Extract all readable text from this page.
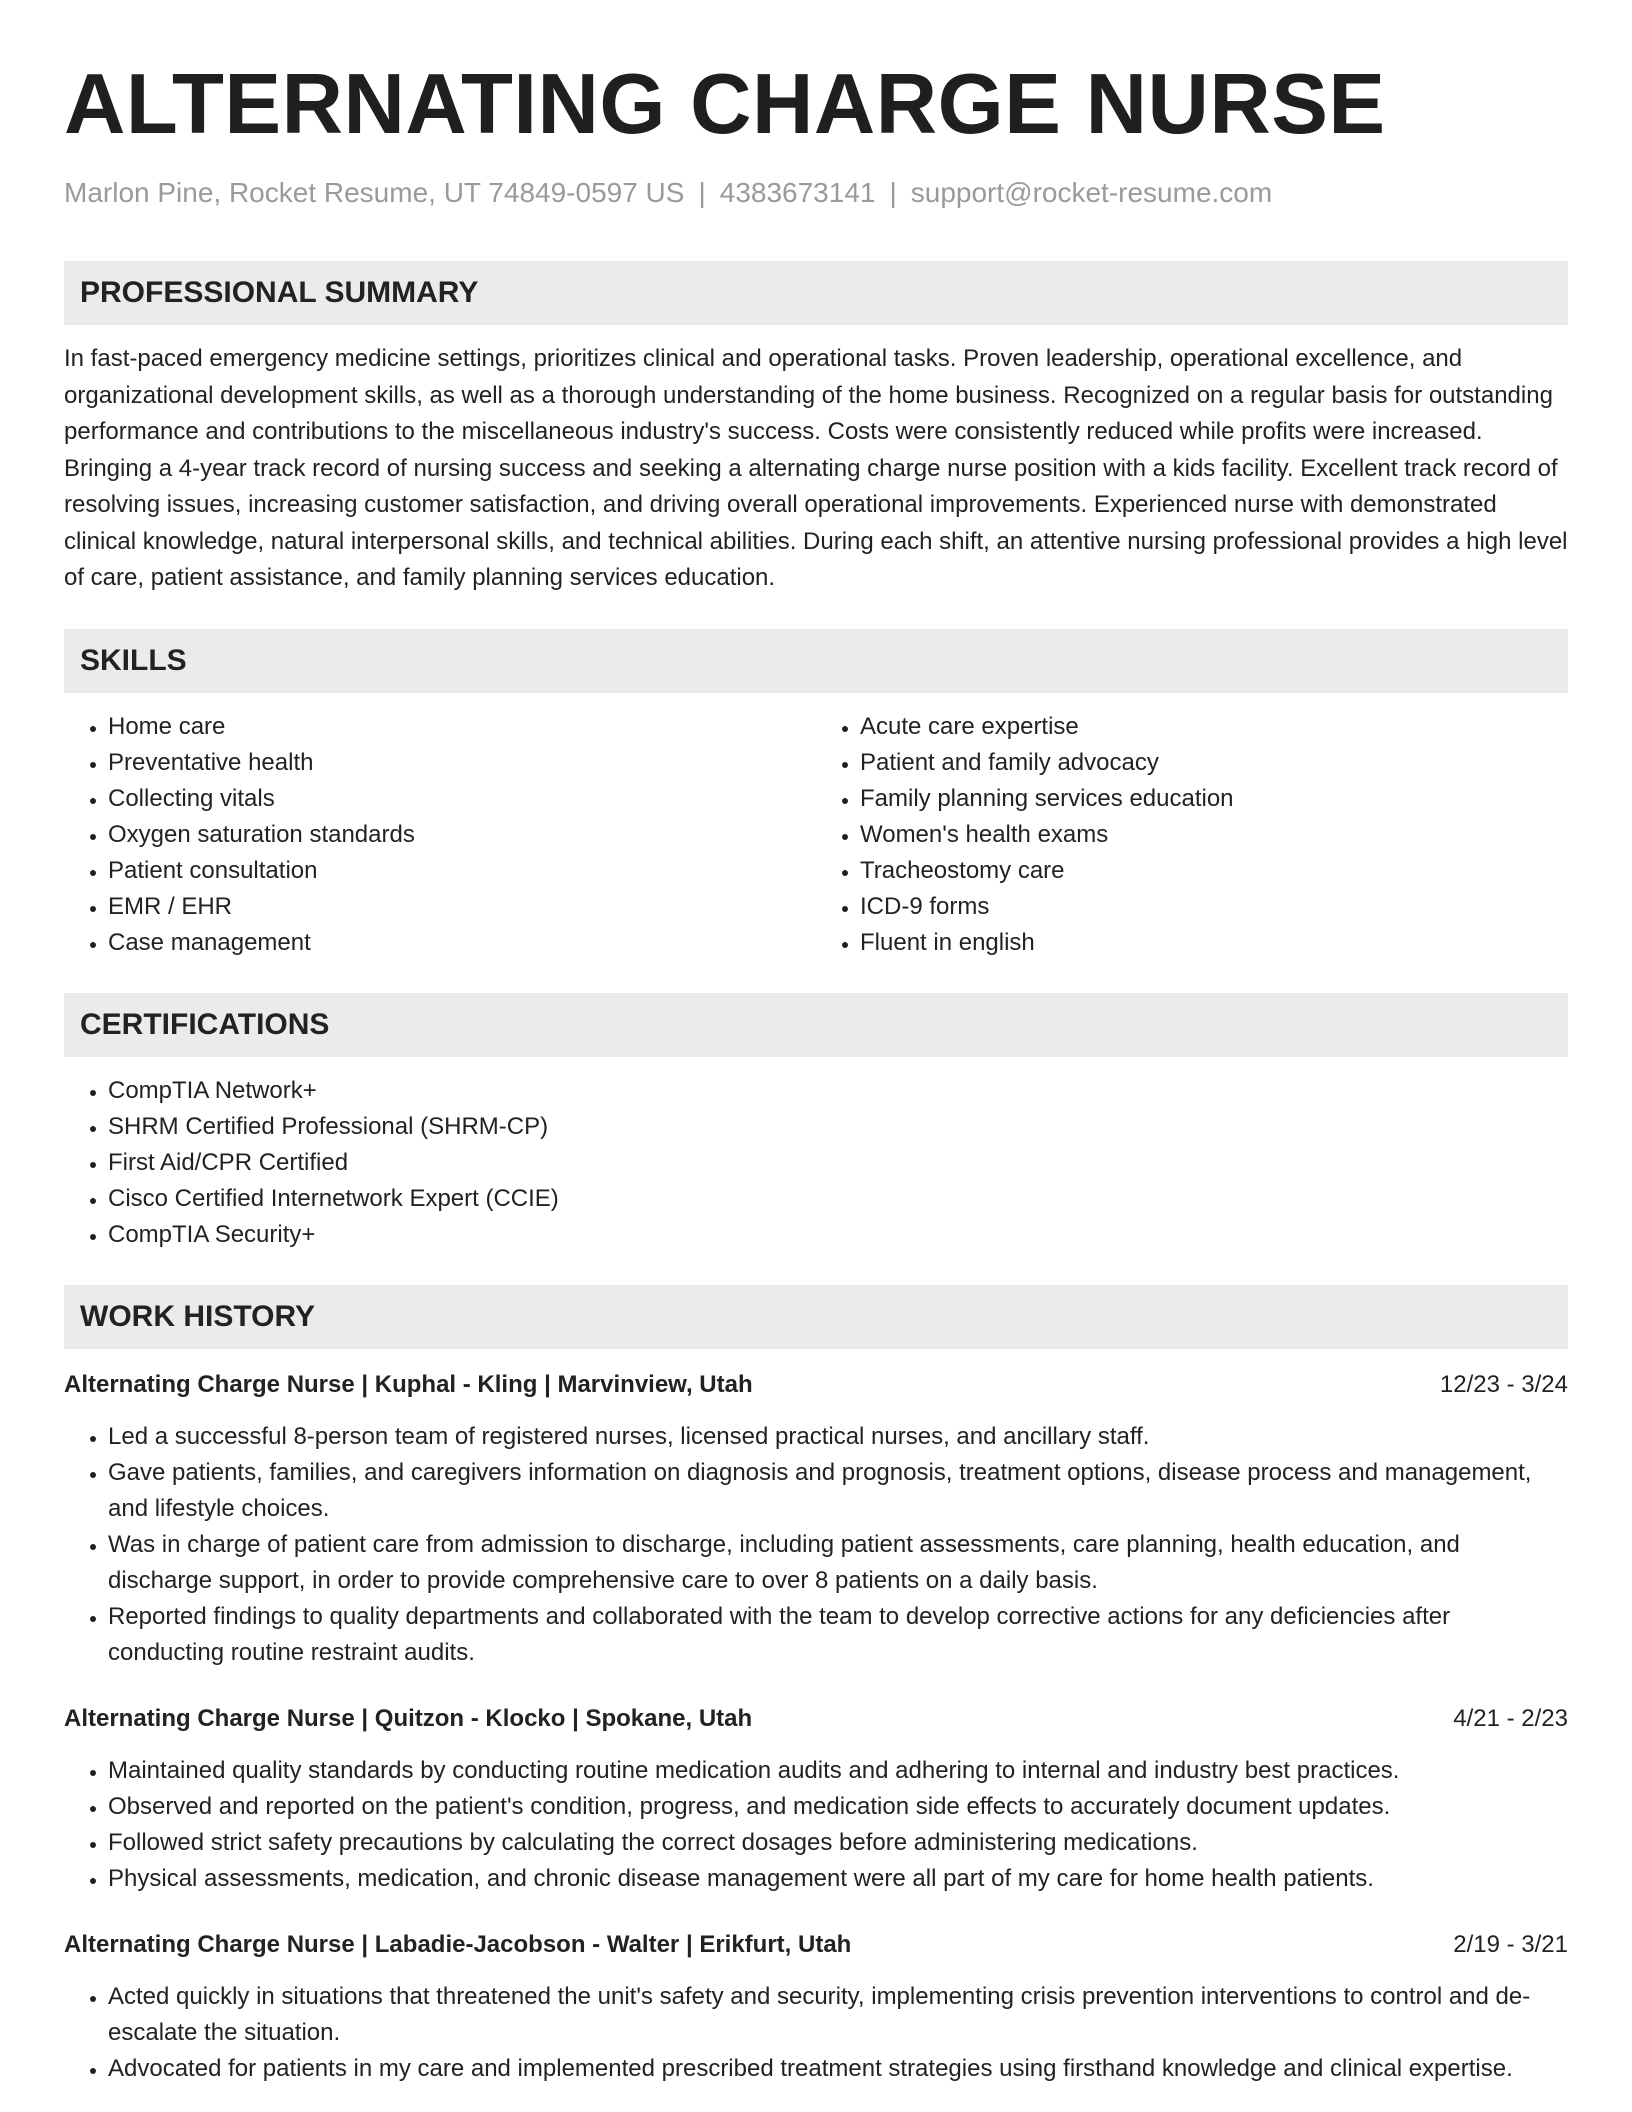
ALTERNATING CHARGE NURSE
Marlon Pine, Rocket Resume, UT 74849-0597 US | 4383673141 | support@rocket-resume.com
PROFESSIONAL SUMMARY

In fast-paced emergency medicine settings, prioritizes clinical and operational tasks. Proven leadership, operational excellence, and organizational development skills, as well as a thorough understanding of the home business. Recognized on a regular basis for outstanding performance and contributions to the miscellaneous industry's success. Costs were consistently reduced while profits were increased. Bringing a 4-year track record of nursing success and seeking a alternating charge nurse position with a kids facility. Excellent track record of resolving issues, increasing customer satisfaction, and driving overall operational improvements. Experienced nurse with demonstrated clinical knowledge, natural interpersonal skills, and technical abilities. During each shift, an attentive nursing professional provides a high level of care, patient assistance, and family planning services education.

SKILLS
• Home care
• Preventative health
• Collecting vitals
• Oxygen saturation standards
• Patient consultation
• EMR / EHR
• Case management
• Acute care expertise
• Patient and family advocacy
• Family planning services education
• Women's health exams
• Tracheostomy care
• ICD-9 forms
• Fluent in english
CERTIFICATIONS
• CompTIA Network+
• SHRM Certified Professional (SHRM-CP)
• First Aid/CPR Certified
• Cisco Certified Internetwork Expert (CCIE)
• CompTIA Security+
WORK HISTORY
Alternating Charge Nurse | Kuphal - Kling | Marvinview, Utah	12/23 - 3/24
• Led a successful 8-person team of registered nurses, licensed practical nurses, and ancillary staff.
• Gave patients, families, and caregivers information on diagnosis and prognosis, treatment options, disease process and management, and lifestyle choices.
• Was in charge of patient care from admission to discharge, including patient assessments, care planning, health education, and discharge support, in order to provide comprehensive care to over 8 patients on a daily basis.
• Reported findings to quality departments and collaborated with the team to develop corrective actions for any deficiencies after conducting routine restraint audits.
Alternating Charge Nurse | Quitzon - Klocko | Spokane, Utah	4/21 - 2/23
• Maintained quality standards by conducting routine medication audits and adhering to internal and industry best practices.
• Observed and reported on the patient's condition, progress, and medication side effects to accurately document updates.
• Followed strict safety precautions by calculating the correct dosages before administering medications.
• Physical assessments, medication, and chronic disease management were all part of my care for home health patients.
Alternating Charge Nurse | Labadie-Jacobson - Walter | Erikfurt, Utah	2/19 - 3/21
• Acted quickly in situations that threatened the unit's safety and security, implementing crisis prevention interventions to control and de-escalate the situation.
• Advocated for patients in my care and implemented prescribed treatment strategies using firsthand knowledge and clinical expertise.
